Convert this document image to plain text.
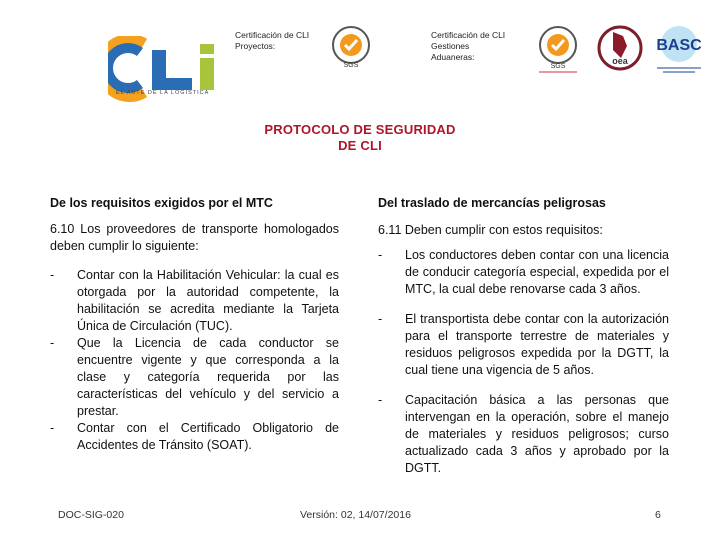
EL ARTE DE LA LOGÍSTICA
Certificación de CLI
Proyectos:
SGS
Certificación de CLI
Gestiones
Aduaneras:
SGS
oea
BASC
PROTOCOLO DE SEGURIDAD
DE CLI
De los requisitos exigidos por el MTC
6.10 Los proveedores de transporte homologados deben cumplir lo siguiente:
- Contar con la Habilitación Vehicular: la cual es otorgada por la autoridad competente, la habilitación se acredita mediante la Tarjeta Única de Circulación (TUC).
- Que la Licencia de cada conductor se encuentre vigente y que corresponda a la clase y categoría requerida por las características del vehículo y del servicio a prestar.
- Contar con el Certificado Obligatorio de Accidentes de Tránsito (SOAT).
Del traslado de mercancías peligrosas
6.11 Deben cumplir con estos requisitos:
- Los conductores deben contar con una licencia de conducir categoría especial, expedida por el MTC, la cual debe renovarse cada 3 años.
- El transportista debe contar con la autorización para el transporte terrestre de materiales y residuos peligrosos expedida por la DGTT, la cual tiene una vigencia de 5 años.
- Capacitación básica a las personas que intervengan en la operación, sobre el manejo de materiales y residuos peligrosos; curso actualizado cada 3 años y aprobado por la DGTT.
DOC-SIG-020	Versión: 02, 14/07/2016	6
